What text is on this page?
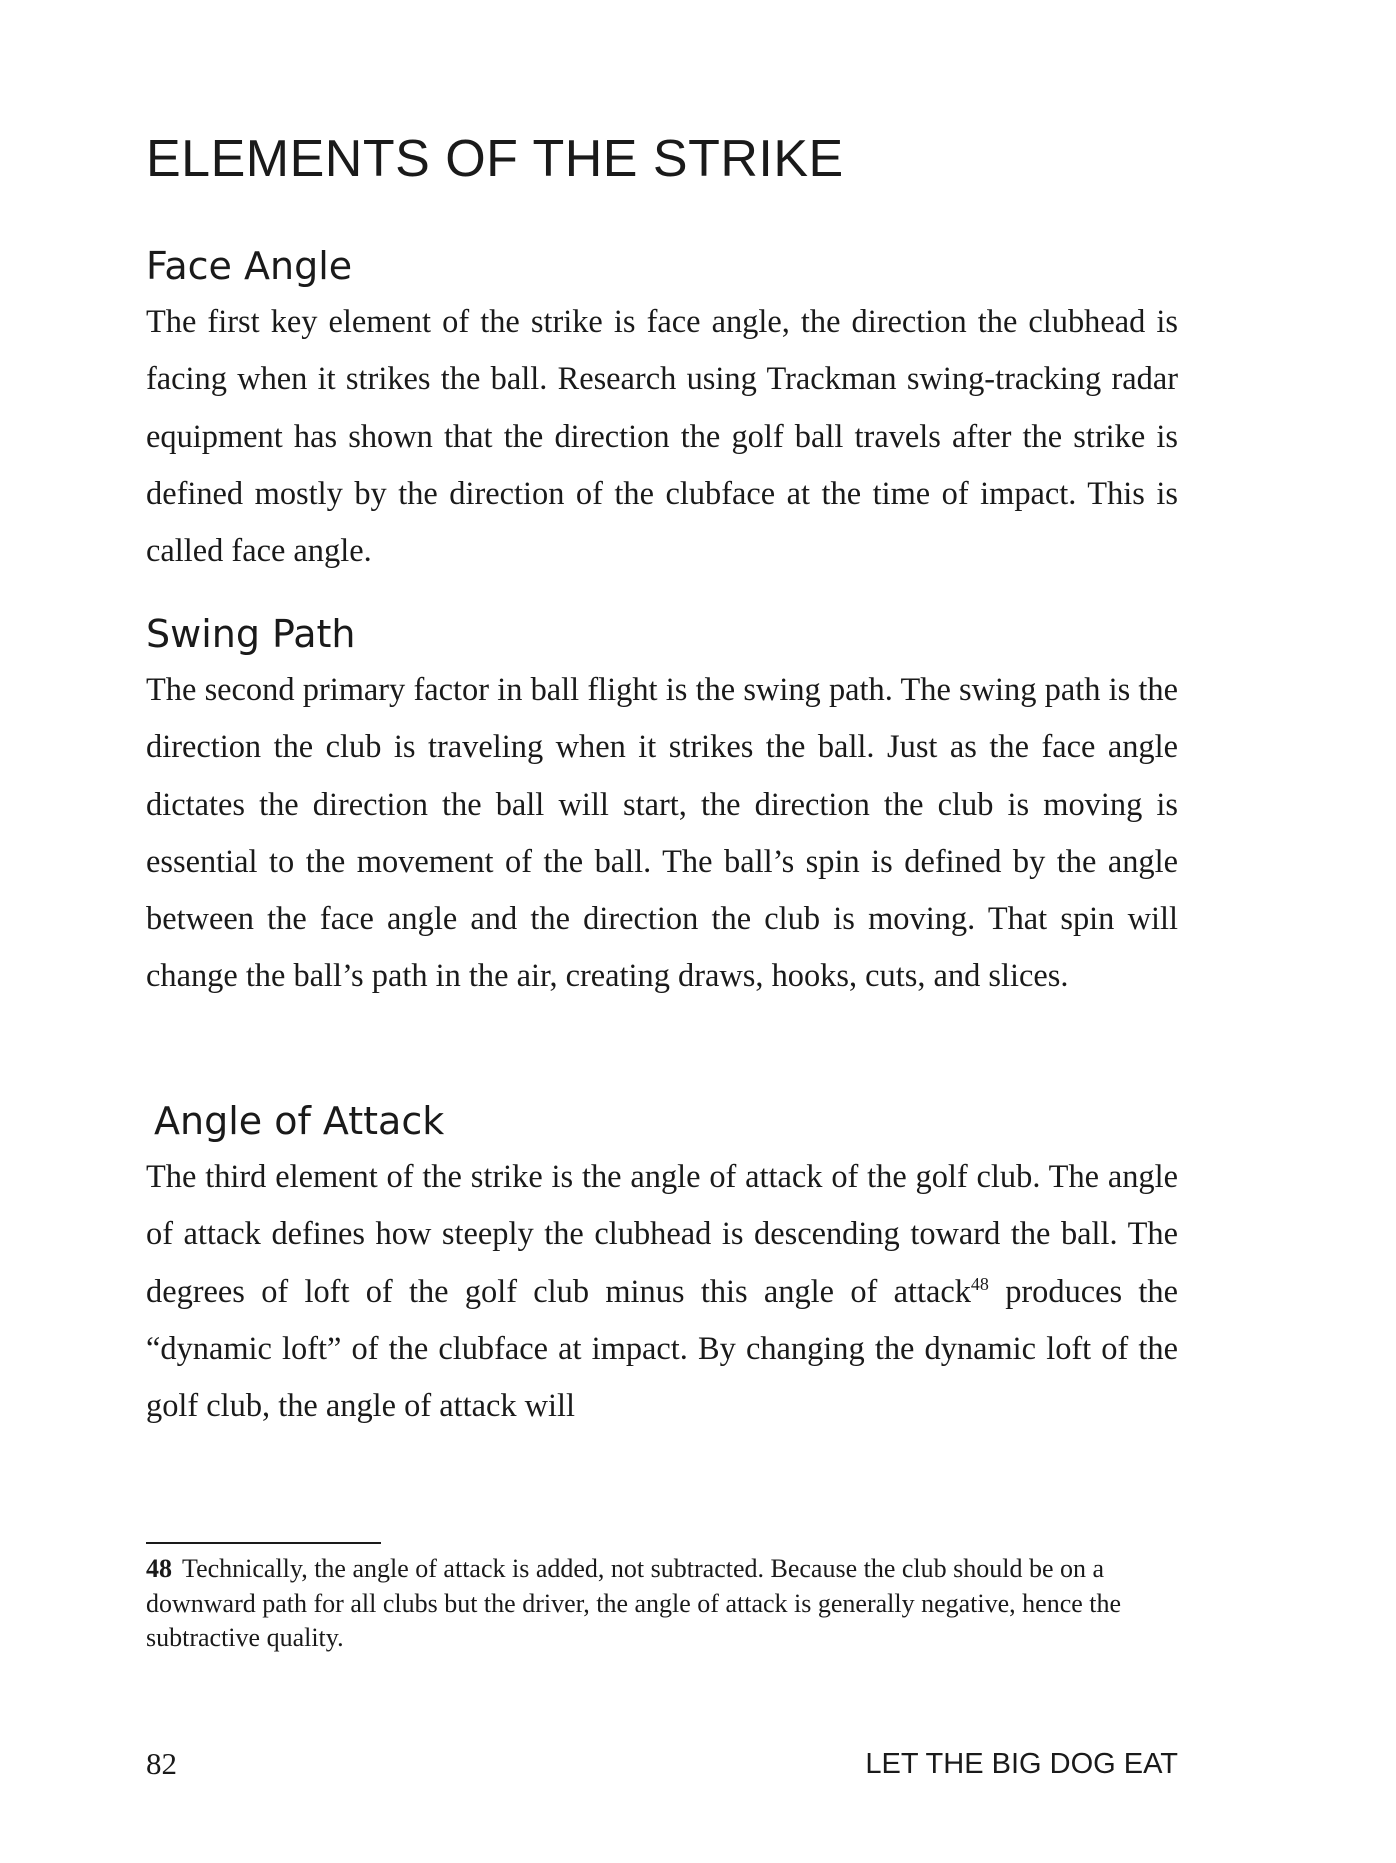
ELEMENTS OF THE STRIKE
Face Angle

The first key element of the strike is face angle, the direction the clubhead is facing when it strikes the ball. Research using Trackman swing-tracking radar equipment has shown that the direction the golf ball travels after the strike is defined mostly by the direction of the clubface at the time of impact. This is called face angle.

Swing Path

The second primary factor in ball flight is the swing path. The swing path is the direction the club is traveling when it strikes the ball. Just as the face angle dictates the direction the ball will start, the direction the club is moving is essential to the movement of the ball. The ball’s spin is defined by the angle between the face angle and the direction the club is moving. That spin will change the ball’s path in the air, creating draws, hooks, cuts, and slices.

Angle of Attack

The third element of the strike is the angle of attack of the golf club. The angle of attack defines how steeply the clubhead is descending toward the ball. The degrees of loft of the golf club minus this angle of attack$^{48}$ produces the “dynamic loft” of the clubface at impact. By changing the dynamic loft of the golf club, the angle of attack will

48 Technically, the angle of attack is added, not subtracted. Because the club should be on a downward path for all clubs but the driver, the angle of attack is generally negative, hence the subtractive quality.

82	LET THE BIG DOG EAT
